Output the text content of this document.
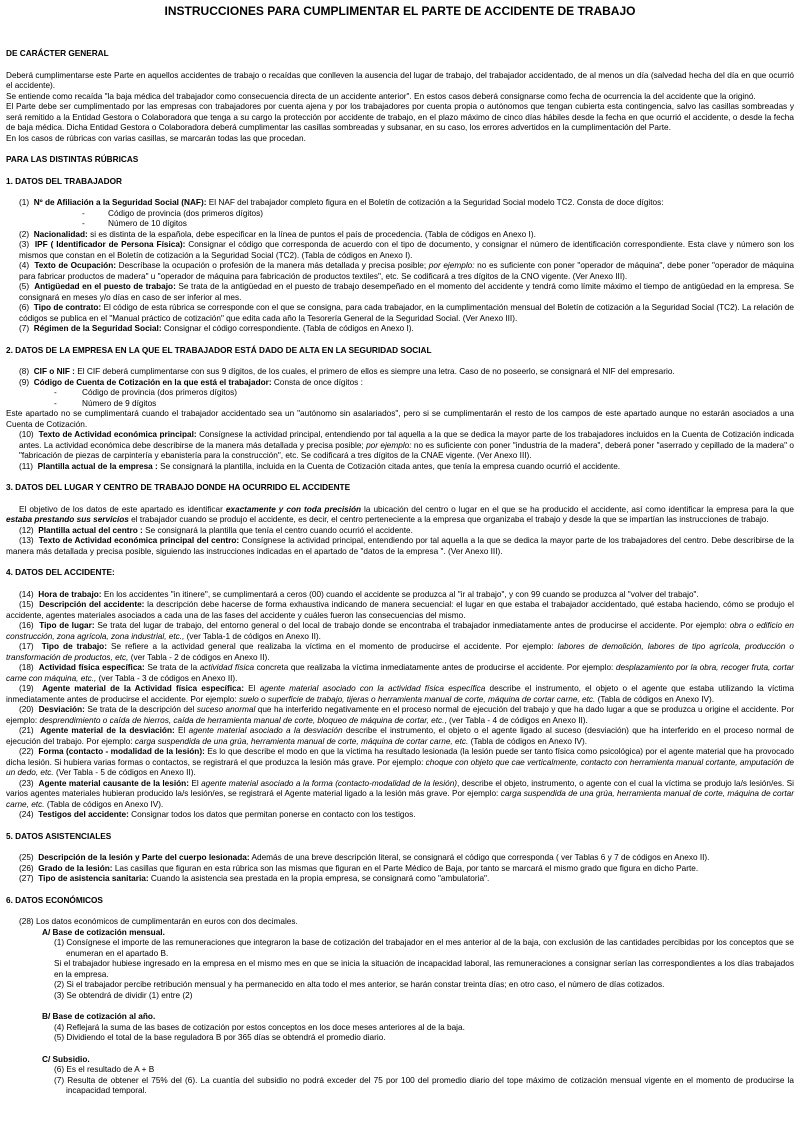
INSTRUCCIONES PARA CUMPLIMENTAR EL PARTE DE ACCIDENTE DE TRABAJO

DE CARÁCTER GENERAL

Deberá cumplimentarse este Parte en aquellos accidentes de trabajo o recaídas que conlleven la ausencia del lugar de trabajo, del trabajador accidentado, de al menos un día (salvedad hecha del día en que ocurrió el accidente).

Se entiende como recaída "la baja médica del trabajador como consecuencia directa de un accidente anterior". En estos casos deberá consignarse como fecha de ocurrencia la del accidente que la originó.

El Parte debe ser cumplimentado por las empresas con trabajadores por cuenta ajena y por los trabajadores por cuenta propia o autónomos que tengan cubierta esta contingencia, salvo las casillas sombreadas y será remitido a la Entidad Gestora o Colaboradora que tenga a su cargo la protección por accidente de trabajo, en el plazo máximo de cinco días hábiles desde la fecha en que ocurrió el accidente, o desde la fecha de baja médica. Dicha Entidad Gestora o Colaboradora deberá cumplimentar las casillas sombreadas y subsanar, en su caso, los errores advertidos en la cumplimentación del Parte.

En los casos de rúbricas con varias casillas, se marcarán todas las que procedan.

PARA LAS DISTINTAS RÚBRICAS

1. DATOS DEL TRABAJADOR

(1) Nº de Afiliación a la Seguridad Social (NAF): El NAF del trabajador completo figura en el Boletín de cotización a la Seguridad Social modelo TC2. Consta de doce dígitos:

-	Código de provincia (dos primeros dígitos)

-	Número de 10 dígitos

(2) Nacionalidad: si es distinta de la española, debe especificar en la línea de puntos el país de procedencia. (Tabla de códigos en Anexo I).

(3) IPF ( Identificador de Persona Física): Consignar el código que corresponda de acuerdo con el tipo de documento, y consignar el número de identificación correspondiente. Esta clave y número son los mismos que constan en el Boletín de cotización a la Seguridad Social (TC2). (Tabla de códigos en Anexo I).

(4) Texto de Ocupación: Descríbase la ocupación o profesión de la manera más detallada y precisa posible; por ejemplo: no es suficiente con poner "operador de máquina", debe poner "operador de máquina para fabricar productos de madera" u "operador de máquina para fabricación de productos textiles", etc. Se codificará a tres dígitos de la CNO vigente. (Ver Anexo III).

(5) Antigüedad en el puesto de trabajo: Se trata de la antigüedad en el puesto de trabajo desempeñado en el momento del accidente y tendrá como límite máximo el tiempo de antigüedad en la empresa. Se consignará en meses y/o días en caso de ser inferior al mes.

(6) Tipo de contrato: El código de esta rúbrica se corresponde con el que se consigna, para cada trabajador, en la cumplimentación mensual del Boletín de cotización a la Seguridad Social (TC2). La relación de códigos se publica en el "Manual práctico de cotización" que edita cada año la Tesorería General de la Seguridad Social. (Ver Anexo III).

(7) Régimen de la Seguridad Social: Consignar el código correspondiente. (Tabla de códigos en Anexo I).

2. DATOS DE LA EMPRESA EN LA QUE EL TRABAJADOR ESTÁ DADO DE ALTA EN LA SEGURIDAD SOCIAL

(8) CIF o NIF : El CIF deberá cumplimentarse con sus 9 dígitos, de los cuales, el primero de ellos es siempre una letra. Caso de no poseerlo, se consignará el NIF del empresario.

(9) Código de Cuenta de Cotización en la que está el trabajador: Consta de once dígitos :

-	Código de provincia (dos primeros dígitos)

-	Número de 9 dígitos

Este apartado no se cumplimentará cuando el trabajador accidentado sea un "autónomo sin asalariados", pero si se cumplimentarán el resto de los campos de este apartado aunque no estarán asociados a una Cuenta de Cotización.

(10) Texto de Actividad económica principal: Consígnese la actividad principal, entendiendo por tal aquella a la que se dedica la mayor parte de los trabajadores incluidos en la Cuenta de Cotización indicada antes. La actividad económica debe describirse de la manera más detallada y precisa posible; por ejemplo: no es suficiente con poner "industria de la madera", deberá poner "aserrado y cepillado de la madera" o "fabricación de piezas de carpintería y ebanistería para la construcción", etc. Se codificará a tres dígitos de la CNAE vigente. (Ver Anexo III).

(11) Plantilla actual de la empresa : Se consignará la plantilla, incluida en la Cuenta de Cotización citada antes, que tenía la empresa cuando ocurrió el accidente.

3. DATOS DEL LUGAR Y CENTRO DE TRABAJO DONDE HA OCURRIDO EL ACCIDENTE

El objetivo de los datos de este apartado es identificar exactamente y con toda precisión la ubicación del centro o lugar en el que se ha producido el accidente, así como identificar la empresa para la que estaba prestando sus servicios el trabajador cuando se produjo el accidente, es decir, el centro perteneciente a la empresa que organizaba el trabajo y desde la que se impartían las instrucciones de trabajo.

(12) Plantilla actual del centro : Se consignará la plantilla que tenía el centro cuando ocurrió el accidente.

(13) Texto de Actividad económica principal del centro: Consígnese la actividad principal, entendiendo por tal aquella a la que se dedica la mayor parte de los trabajadores del centro. Debe describirse de la manera más detallada y precisa posible, siguiendo las instrucciones indicadas en el apartado de "datos de la empresa ". (Ver Anexo III).

4. DATOS DEL ACCIDENTE:

(14) Hora de trabajo: En los accidentes "in itinere", se cumplimentará a ceros (00) cuando el accidente se produzca al "ir al trabajo", y con 99 cuando se produzca al "volver del trabajo".

(15) Descripción del accidente: la descripción debe hacerse de forma exhaustiva indicando de manera secuencial: el lugar en que estaba el trabajador accidentado, qué estaba haciendo, cómo se produjo el accidente, agentes materiales asociados a cada una de las fases del accidente y cuáles fueron las consecuencias del mismo.

(16) Tipo de lugar: Se trata del lugar de trabajo, del entorno general o del local de trabajo donde se encontraba el trabajador inmediatamente antes de producirse el accidente. Por ejemplo: obra o edificio en construcción, zona agrícola, zona industrial, etc., (ver Tabla-1 de códigos en Anexo II).

(17) Tipo de trabajo: Se refiere a la actividad general que realizaba la víctima en el momento de producirse el accidente. Por ejemplo: labores de demolición, labores de tipo agrícola, producción o transformación de productos, etc, (ver Tabla - 2 de códigos en Anexo II).

(18) Actividad física específica: Se trata de la actividad física concreta que realizaba la víctima inmediatamente antes de producirse el accidente. Por ejemplo: desplazamiento por la obra, recoger fruta, cortar carne con máquina, etc., (ver Tabla - 3 de códigos en Anexo II).

(19) Agente material de la Actividad física específica: El agente material asociado con la actividad física específica describe el instrumento, el objeto o el agente que estaba utilizando la víctima inmediatamente antes de producirse el accidente. Por ejemplo: suelo o superficie de trabajo, tijeras o herramienta manual de corte, máquina de cortar carne, etc. (Tabla de códigos en Anexo IV).

(20) Desviación: Se trata de la descripción del suceso anormal que ha interferido negativamente en el proceso normal de ejecución del trabajo y que ha dado lugar a que se produzca u origine el accidente. Por ejemplo: desprendimiento o caída de hierros, caída de herramienta manual de corte, bloqueo de máquina de cortar, etc., (ver Tabla - 4 de códigos en Anexo II).

(21) Agente material de la desviación: El agente material asociado a la desviación describe el instrumento, el objeto o el agente ligado al suceso (desviación) que ha interferido en el proceso normal de ejecución del trabajo. Por ejemplo: carga suspendida de una grúa, herramienta manual de corte, máquina de cortar carne, etc. (Tabla de códigos en Anexo IV).

(22) Forma (contacto - modalidad de la lesión): Es lo que describe el modo en que la víctima ha resultado lesionada (la lesión puede ser tanto física como psicológica) por el agente material que ha provocado dicha lesión. Si hubiera varias formas o contactos, se registrará el que produzca la lesión más grave. Por ejemplo: choque con objeto que cae verticalmente, contacto con herramienta manual cortante, amputación de un dedo, etc. (Ver Tabla - 5 de códigos en Anexo II).

(23) Agente material causante de la lesión: El agente material asociado a la forma (contacto-modalidad de la lesión), describe el objeto, instrumento, o agente con el cual la víctima se produjo la/s lesión/es. Si varios agentes materiales hubieran producido la/s lesión/es, se registrará el Agente material ligado a la lesión más grave. Por ejemplo: carga suspendida de una grúa, herramienta manual de corte, máquina de cortar carne, etc. (Tabla de códigos en Anexo IV).

(24) Testigos del accidente: Consignar todos los datos que permitan ponerse en contacto con los testigos.

5. DATOS ASISTENCIALES

(25) Descripción de la lesión y Parte del cuerpo lesionada: Además de una breve descripción literal, se consignará el código que corresponda ( ver Tablas 6 y 7 de códigos en Anexo II).

(26) Grado de la lesión: Las casillas que figuran en esta rúbrica son las mismas que figuran en el Parte Médico de Baja, por tanto se marcará el mismo grado que figura en dicho Parte.

(27) Tipo de asistencia sanitaria: Cuando la asistencia sea prestada en la propia empresa, se consignará como "ambulatoria".

6. DATOS ECONÓMICOS

(28) Los datos económicos de cumplimentarán en euros con dos decimales.

A/ Base de cotización mensual.

(1) Consígnese el importe de las remuneraciones que integraron la base de cotización del trabajador en el mes anterior al de la baja, con exclusión de las cantidades percibidas por los conceptos que se enumeran en el apartado B.

Si el trabajador hubiese ingresado en la empresa en el mismo mes en que se inicia la situación de incapacidad laboral, las remuneraciones a consignar serían las correspondientes a los días trabajados en la empresa.

(2) Si el trabajador percibe retribución mensual y ha permanecido en alta todo el mes anterior, se harán constar treinta días; en otro caso, el número de días cotizados.

(3) Se obtendrá de dividir (1) entre (2)

B/ Base de cotización al año.

(4) Reflejará la suma de las bases de cotización por estos conceptos en los doce meses anteriores al de la baja.

(5) Dividiendo el total de la base reguladora B por 365 días se obtendrá el promedio diario.

C/ Subsidio.

(6) Es el resultado de A + B

(7) Resulta de obtener el 75% del (6). La cuantía del subsidio no podrá exceder del 75 por 100 del promedio diario del tope máximo de cotización mensual vigente en el momento de producirse la incapacidad temporal.
